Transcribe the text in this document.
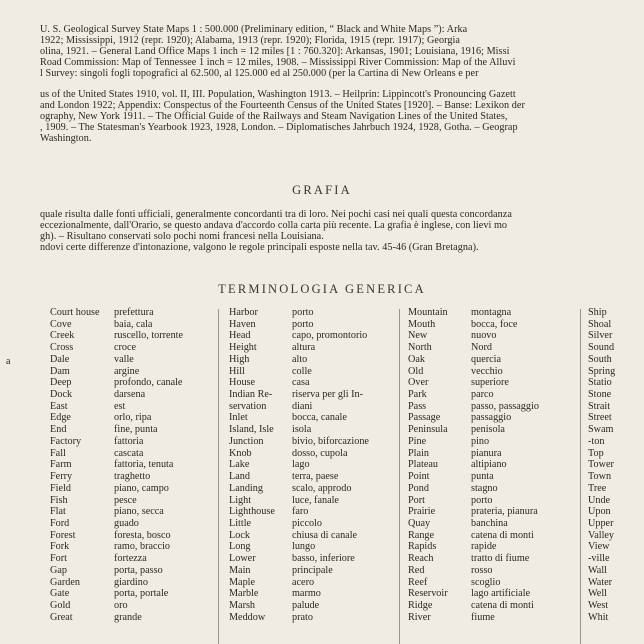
U. S. Geological Survey State Maps 1 : 500.000 (Preliminary edition, “ Black and White Maps ”): Arka
1922; Mississippi, 1912 (repr. 1920); Alabama, 1913 (repr. 1920); Florida, 1915 (repr. 1917); Georgia
olina, 1921. – General Land Office Maps 1 inch = 12 miles [1 : 760.320]: Arkansas, 1901; Louisiana, 1916; Missi
Road Commission: Map of Tennessee 1 inch = 12 miles, 1908. – Mississippi River Commission: Map of the Alluvi
l Survey: singoli fogli topografici al 62.500, al 125.000 ed al 250.000 (per la Cartina di New Orleans e per
us of the United States 1910, vol. II, III. Population, Washington 1913. – Heilprin: Lippincott's Pronouncing Gazett
and London 1922; Appendix: Conspectus of the Fourteenth Census of the United States [1920]. – Banse: Lexikon der
ography, New York 1911. – The Official Guide of the Railways and Steam Navigation Lines of the United States,
, 1909. – The Statesman's Yearbook 1923, 1928, London. – Diplomatisches Jahrbuch 1924, 1928, Gotha. – Geograp
Washington.
GRAFIA
quale risulta dalle fonti ufficiali, generalmente concordanti tra di loro. Nei pochi casi nei quali questa concordanza
eccezionalmente, dall'Orario, se questo andava d'accordo colla carta più recente. La grafia è inglese, con lievi mo
gh). – Risultano conservati solo pochi nomi francesi nella Louisiana.
ndovi certe differenze d'intonazione, valgono le regole principali esposte nella tav. 45-46 (Gran Bretagna).
TERMINOLOGIA GENERICA
a
Court house prefettura
Cove	baia, cala
Creek	ruscello, torrente
Cross	croce
Dale	valle
Dam	argine
Deep	profondo, canale
Dock	darsena
East	est
Edge	orlo, ripa
End	fine, punta
Factory	fattoria
Fall	cascata
Farm	fattoria, tenuta
Ferry	traghetto
Field	piano, campo
Fish	pesce
Flat	piano, secca
Ford	guado
Forest	foresta, bosco
Fork	ramo, braccio
Fort	fortezza
Gap	porta, passo
Garden	giardino
Gate	porta, portale
Gold	oro
Great	grande
Harbor	porto
Haven	porto
Head	capo, promontorio
Height	altura
High	alto
Hill	colle
House	casa
Indian Re- riserva per gli In-
servation	diani
Inlet	bocca, canale
Island, Isle isola
Junction	bivio, biforcazione
Knob	dosso, cupola
Lake	lago
Land	terra, paese
Landing	scalo, approdo
Light	luce, fanale
Lighthouse faro
Little	piccolo
Lock	chiusa di canale
Long	lungo
Lower	basso, inferiore
Main	principale
Maple	acero
Marble	marmo
Marsh	palude
Meddow	prato
Mountain montagna
Mouth	bocca, foce
New	nuovo
North	Nord
Oak	quercia
Old	vecchio
Over	superiore
Park	parco
Pass	passo, passaggio
Passage	passaggio
Peninsula penisola
Pine	pino
Plain	pianura
Plateau	altipiano
Point	punta
Pond	stagno
Port	porto
Prairie	prateria, pianura
Quay	banchina
Range	catena di monti
Rapids	rapide
Reach	tratto di fiume
Red	rosso
Reef	scoglio
Reservoir lago artificiale
Ridge	catena di monti
River	fiume
Ship
Shoal
Silver
Sound
South
Spring
Statio
Stone
Strait
Street
Swam
-ton
Top
Tower
Town
Tree
Unde
Upon
Upper
Valley
View
-ville
Wall
Water
Well
West
Whit
